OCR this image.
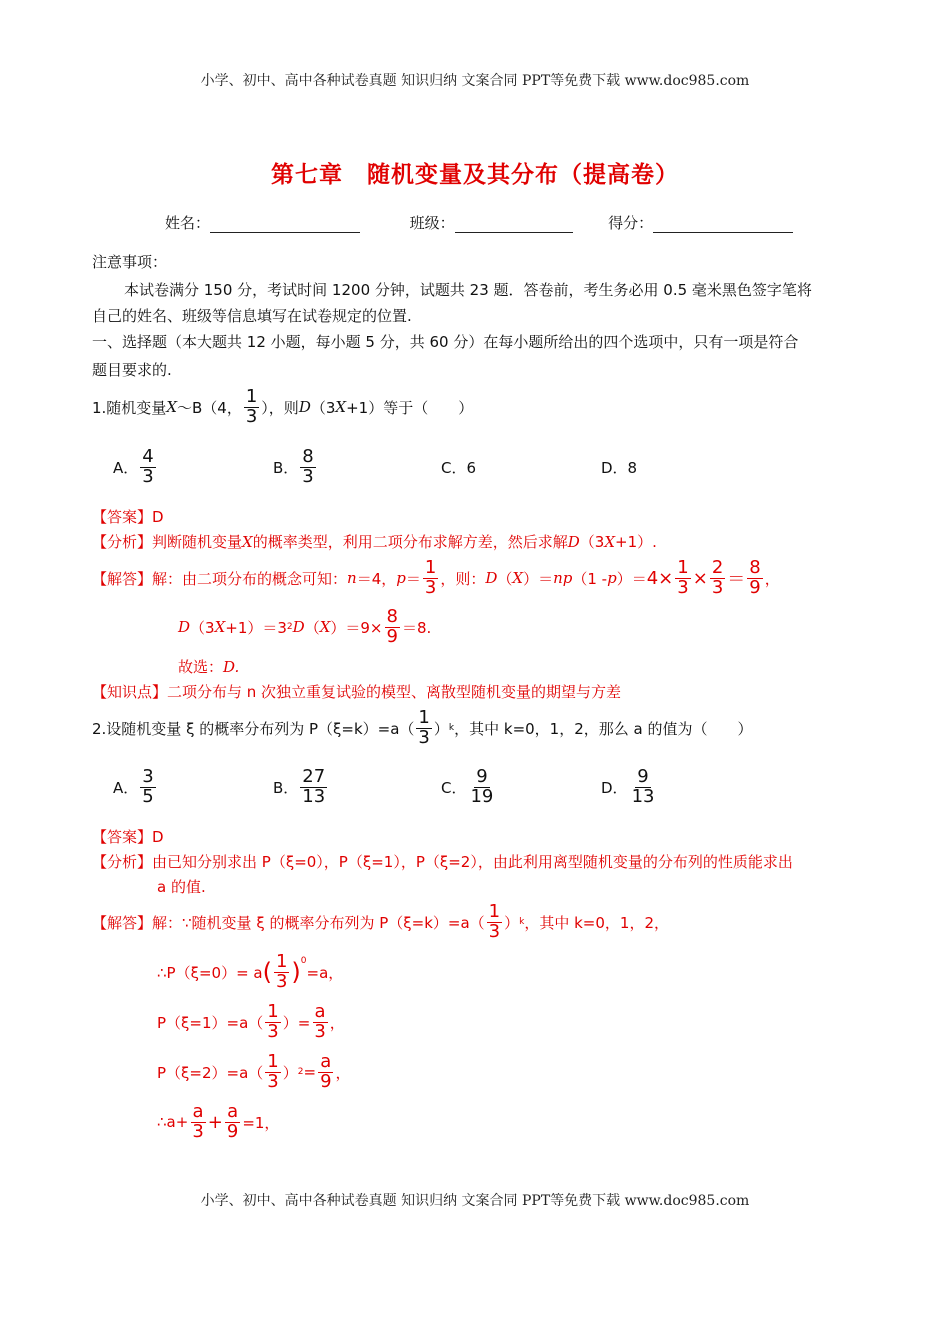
小学、初中、高中各种试卷真题 知识归纳 文案合同 PPT等免费下载 www.doc985.com
第七章　随机变量及其分布（提高卷）
姓名：	班级：	得分：
注意事项：
本试卷满分 150 分，考试时间 1200 分钟，试题共 23 题．答卷前，考生务必用 0.5 毫米黑色签字笔将
自己的姓名、班级等信息填写在试卷规定的位置.
一、选择题（本大题共 12 小题，每小题 5 分，共 60 分）在每小题所给出的四个选项中，只有一项是符合
题目要求的.
1.随机变量 X ～B（4， $\frac{1}{3}$ ），则 D （3 X +1）等于（　　）
A． $\frac{4}{3}$	B． $\frac{8}{3}$	C．6	D．8
【答案】D
【分析】判断随机变量X的概率类型，利用二项分布求解方差，然后求解D（3X+1）.
【解答】 解：由二项分布的概念可知： n ＝4， $p = \frac{1}{3}$ ，则： D （ X ）＝ np （1 - p ）＝ $4 \times \frac{1}{3} \times \frac{2}{3} = \frac{8}{9}$ ，
D （3 X +1）＝3 2 D （ X ）$=9\times \frac{8}{9} =8$.
故选：D.
【知识点】二项分布与 n 次独立重复试验的模型、离散型随机变量的期望与方差
2.设随机变量 ξ 的概率分布列为 $P(\xi=k)=a( \frac{1}{3}$ ） k ，其中 k=0，1，2，那么 a 的值为（　　）
A． $\frac{3}{5}$	B． $\frac{27}{13}$	C． $\frac{9}{19}$	D． $\frac{9}{13}$
【答案】D
【分析】由已知分别求出 P（ξ=0），P（ξ=1），P（ξ=2），由此利用离型随机变量的分布列的性质能求出
a 的值.
【解答】 解：∵随机变量 ξ 的概率分布列为 $P(\xi=k)=a( \frac{1}{3}$ ） k ，其中 k=0，1，2，
∴P（ξ=0）= a ( $\frac{1}{3} )^0$
=a，
$P(\xi=1)=a( \frac{1}{3}$ ）= $\frac{a}{3}$ ，
$P(\xi=2)=a( \frac{1}{3}$ ） $2 = \frac{a}{9}$ ，
∴a+ $\frac{a}{3} + \frac{a}{9} =1$，
小学、初中、高中各种试卷真题 知识归纳 文案合同 PPT等免费下载 www.doc985.com
